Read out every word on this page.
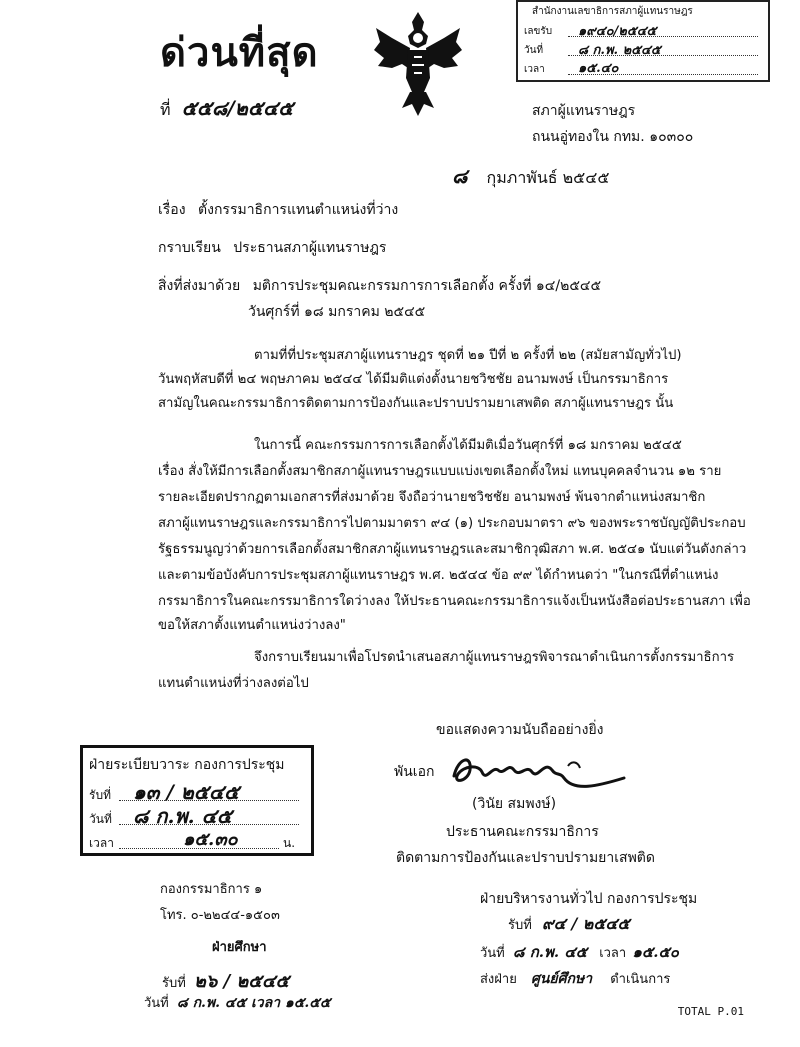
ด่วนที่สุด
ที่ ๕๕๘/๒๕๔๕
สำนักงานเลขาธิการสภาผู้แทนราษฎร
เลขรับ ๑๙๔๐/๒๕๔๕
วันที่	๘ ก.พ. ๒๕๔๕
เวลา	๑๕.๔๐
สภาผู้แทนราษฎร
ถนนอู่ทองใน กทม. ๑๐๓๐๐
๘ กุมภาพันธ์ ๒๕๔๕
เรื่อง ตั้งกรรมาธิการแทนตำแหน่งที่ว่าง
กราบเรียน ประธานสภาผู้แทนราษฎร
สิ่งที่ส่งมาด้วย มติการประชุมคณะกรรมการการเลือกตั้ง ครั้งที่ ๑๔/๒๕๔๕
วันศุกร์ที่ ๑๘ มกราคม ๒๕๔๕
ตามที่ที่ประชุมสภาผู้แทนราษฎร ชุดที่ ๒๑ ปีที่ ๒ ครั้งที่ ๒๒ (สมัยสามัญทั่วไป)
วันพฤหัสบดีที่ ๒๔ พฤษภาคม ๒๕๔๔ ได้มีมติแต่งตั้งนายชวิชชัย อนามพงษ์ เป็นกรรมาธิการ
สามัญในคณะกรรมาธิการติดตามการป้องกันและปราบปรามยาเสพติด สภาผู้แทนราษฎร นั้น
ในการนี้ คณะกรรมการการเลือกตั้งได้มีมติเมื่อวันศุกร์ที่ ๑๘ มกราคม ๒๕๔๕
เรื่อง สั่งให้มีการเลือกตั้งสมาชิกสภาผู้แทนราษฎรแบบแบ่งเขตเลือกตั้งใหม่ แทนบุคคลจำนวน ๑๒ ราย
รายละเอียดปรากฏตามเอกสารที่ส่งมาด้วย จึงถือว่านายชวิชชัย อนามพงษ์ พ้นจากตำแหน่งสมาชิก
สภาผู้แทนราษฎรและกรรมาธิการไปตามมาตรา ๙๔ (๑) ประกอบมาตรา ๙๖ ของพระราชบัญญัติประกอบ
รัฐธรรมนูญว่าด้วยการเลือกตั้งสมาชิกสภาผู้แทนราษฎรและสมาชิกวุฒิสภา พ.ศ. ๒๕๔๑ นับแต่วันดังกล่าว
และตามข้อบังคับการประชุมสภาผู้แทนราษฎร พ.ศ. ๒๕๔๔ ข้อ ๙๙ ได้กำหนดว่า "ในกรณีที่ตำแหน่ง
กรรมาธิการในคณะกรรมาธิการใดว่างลง ให้ประธานคณะกรรมาธิการแจ้งเป็นหนังสือต่อประธานสภา เพื่อ
ขอให้สภาตั้งแทนตำแหน่งว่างลง"
จึงกราบเรียนมาเพื่อโปรดนำเสนอสภาผู้แทนราษฎรพิจารณาดำเนินการตั้งกรรมาธิการ
แทนตำแหน่งที่ว่างลงต่อไป
ขอแสดงความนับถืออย่างยิ่ง
พันเอก
(วินัย สมพงษ์)
ประธานคณะกรรมาธิการ
ติดตามการป้องกันและปราบปรามยาเสพติด
ฝ่ายระเบียบวาระ กองการประชุม
รับที่ ๑๓ / ๒๕๔๕
วันที่ ๘ ก.พ. ๔๕
เวลา	๑๕.๓๐	น.
กองกรรมาธิการ ๑
โทร. ๐-๒๒๔๔-๑๕๐๓
ฝ่ายศึกษา
รับที่ ๒๖ / ๒๕๔๕
วันที่ ๘ ก.พ. ๔๕ เวลา ๑๕.๕๕
ฝ่ายบริหารงานทั่วไป กองการประชุม
รับที่ ๙๔ / ๒๕๔๕
วันที่ ๘ ก.พ. ๔๕ เวลา ๑๕.๕๐
ส่งฝ่าย ศูนย์ศึกษา ดำเนินการ
TOTAL P.01
